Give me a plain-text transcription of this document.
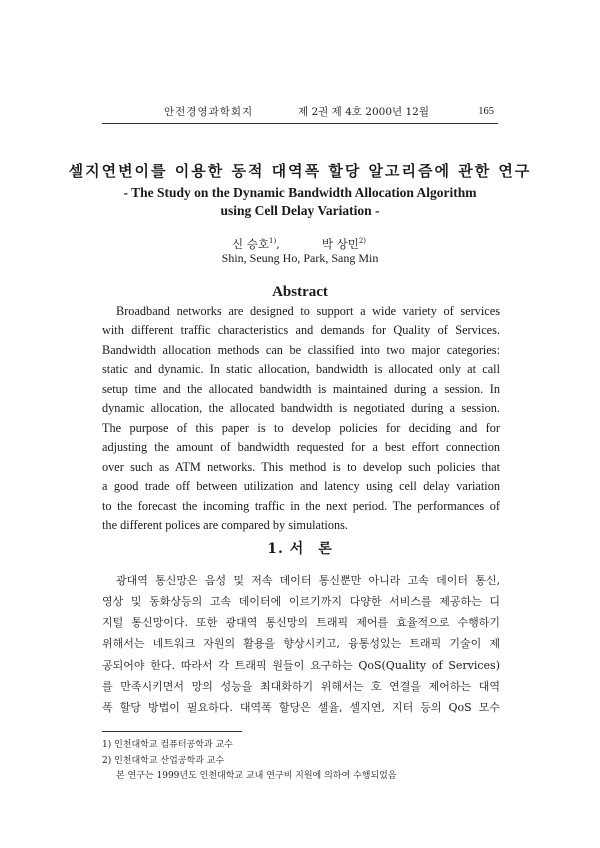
안전경영과학회지	제 2권 제 4호 2000년 12월	165
셀지연변이를 이용한 동적 대역폭 할당 알고리즘에 관한 연구
- The Study on the Dynamic Bandwidth Allocation Algorithm
using Cell Delay Variation -
신 승호$^{1)}$,	박 상민$^{2)}$
Shin, Seung Ho, Park, Sang Min
Abstract
Broadband networks are designed to support a wide variety of services
with different traffic characteristics and demands for Quality of Services.
Bandwidth allocation methods can be classified into two major categories:
static and dynamic. In static allocation, bandwidth is allocated only at call
setup time and the allocated bandwidth is maintained during a session. In
dynamic allocation, the allocated bandwidth is negotiated during a session.
The purpose of this paper is to develop policies for deciding and for
adjusting the amount of bandwidth requested for a best effort connection
over such as ATM networks. This method is to develop such policies that
a good trade off between utilization and latency using cell delay variation
to the forecast the incoming traffic in the next period. The performances of
the different polices are compared by simulations.
1. 서 론
광대역 통신망은 음성 및 저속 데이터 통신뿐만 아니라 고속 데이터 통신,
영상 및 동화상등의 고속 데이터에 이르기까지 다양한 서비스를 제공하는 디
지털 통신망이다. 또한 광대역 통신망의 트래픽 제어를 효율적으로 수행하기
위해서는 네트워크 자원의 활용을 향상시키고, 융통성있는 트래픽 기술이 제
공되어야 한다. 따라서 각 트래픽 원들이 요구하는 QoS(Quality of Services)
를 만족시키면서 망의 성능을 최대화하기 위해서는 호 연결을 제어하는 대역
폭 할당 방법이 필요하다. 대역폭 할당은 셀율, 셀지연, 지터 등의 QoS 모수
1) 인천대학교 컴퓨터공학과 교수
2) 인천대학교 산업공학과 교수
본 연구는 1999년도 인천대학교 교내 연구비 지원에 의하여 수행되었음
